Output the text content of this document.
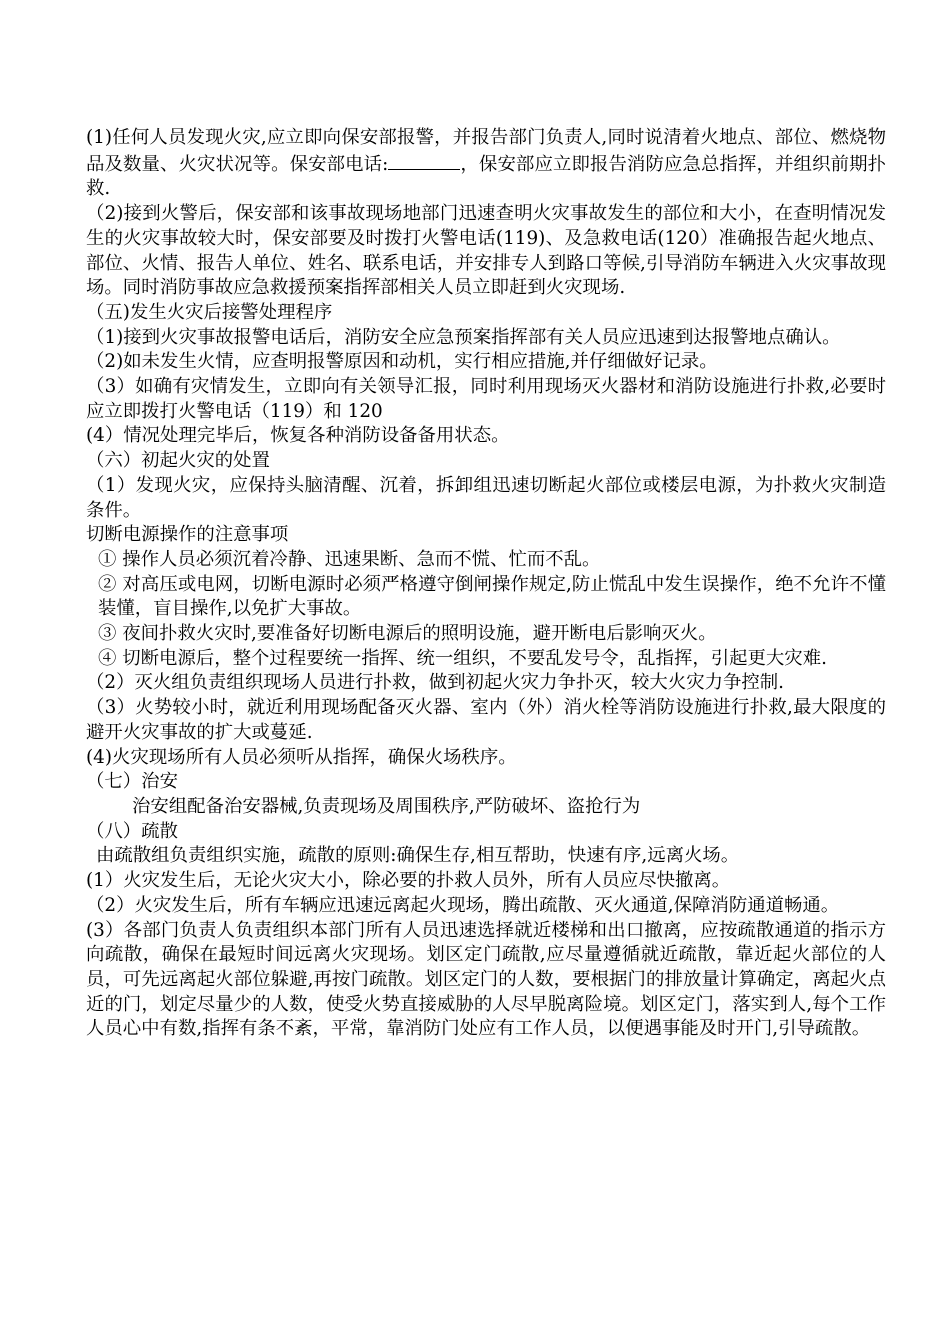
(1)任何人员发现火灾,应立即向保安部报警，并报告部门负责人,同时说清着火地点、部位、燃烧物品及数量、火灾状况等。保安部电话:	，保安部应立即报告消防应急总指挥，并组织前期扑救.

（2)接到火警后，保安部和该事故现场地部门迅速查明火灾事故发生的部位和大小，在查明情况发生的火灾事故较大时，保安部要及时拨打火警电话(119)、及急救电话(120）准确报告起火地点、部位、火情、报告人单位、姓名、联系电话，并安排专人到路口等候,引导消防车辆进入火灾事故现场。同时消防事故应急救援预案指挥部相关人员立即赶到火灾现场.

（五)发生火灾后接警处理程序

（1)接到火灾事故报警电话后，消防安全应急预案指挥部有关人员应迅速到达报警地点确认。

（2)如未发生火情，应查明报警原因和动机，实行相应措施,并仔细做好记录。

（3）如确有灾情发生，立即向有关领导汇报，同时利用现场灭火器材和消防设施进行扑救,必要时应立即拨打火警电话（119）和 120

(4）情况处理完毕后，恢复各种消防设备备用状态。

（六）初起火灾的处置

（1）发现火灾，应保持头脑清醒、沉着，拆卸组迅速切断起火部位或楼层电源，为扑救火灾制造条件。

切断电源操作的注意事项

① 操作人员必须沉着冷静、迅速果断、急而不慌、忙而不乱。

② 对高压或电网，切断电源时必须严格遵守倒闸操作规定,防止慌乱中发生误操作，绝不允许不懂装懂，盲目操作,以免扩大事故。

③ 夜间扑救火灾时,要准备好切断电源后的照明设施，避开断电后影响灭火。

④ 切断电源后，整个过程要统一指挥、统一组织，不要乱发号令，乱指挥，引起更大灾难.

（2）灭火组负责组织现场人员进行扑救，做到初起火灾力争扑灭，较大火灾力争控制.

（3）火势较小时，就近利用现场配备灭火器、室内（外）消火栓等消防设施进行扑救,最大限度的避开火灾事故的扩大或蔓延.

(4)火灾现场所有人员必须听从指挥，确保火场秩序。

（七）治安

治安组配备治安器械,负责现场及周围秩序,严防破坏、盗抢行为

（八）疏散

由疏散组负责组织实施，疏散的原则:确保生存,相互帮助，快速有序,远离火场。

(1）火灾发生后，无论火灾大小，除必要的扑救人员外，所有人员应尽快撤离。

（2）火灾发生后，所有车辆应迅速远离起火现场，腾出疏散、灭火通道,保障消防通道畅通。

(3）各部门负责人负责组织本部门所有人员迅速选择就近楼梯和出口撤离，应按疏散通道的指示方向疏散，确保在最短时间远离火灾现场。划区定门疏散,应尽量遵循就近疏散，靠近起火部位的人员，可先远离起火部位躲避,再按门疏散。划区定门的人数，要根据门的排放量计算确定，离起火点近的门，划定尽量少的人数，使受火势直接威胁的人尽早脱离险境。划区定门，落实到人,每个工作人员心中有数,指挥有条不紊，平常，靠消防门处应有工作人员，以便遇事能及时开门,引导疏散。
